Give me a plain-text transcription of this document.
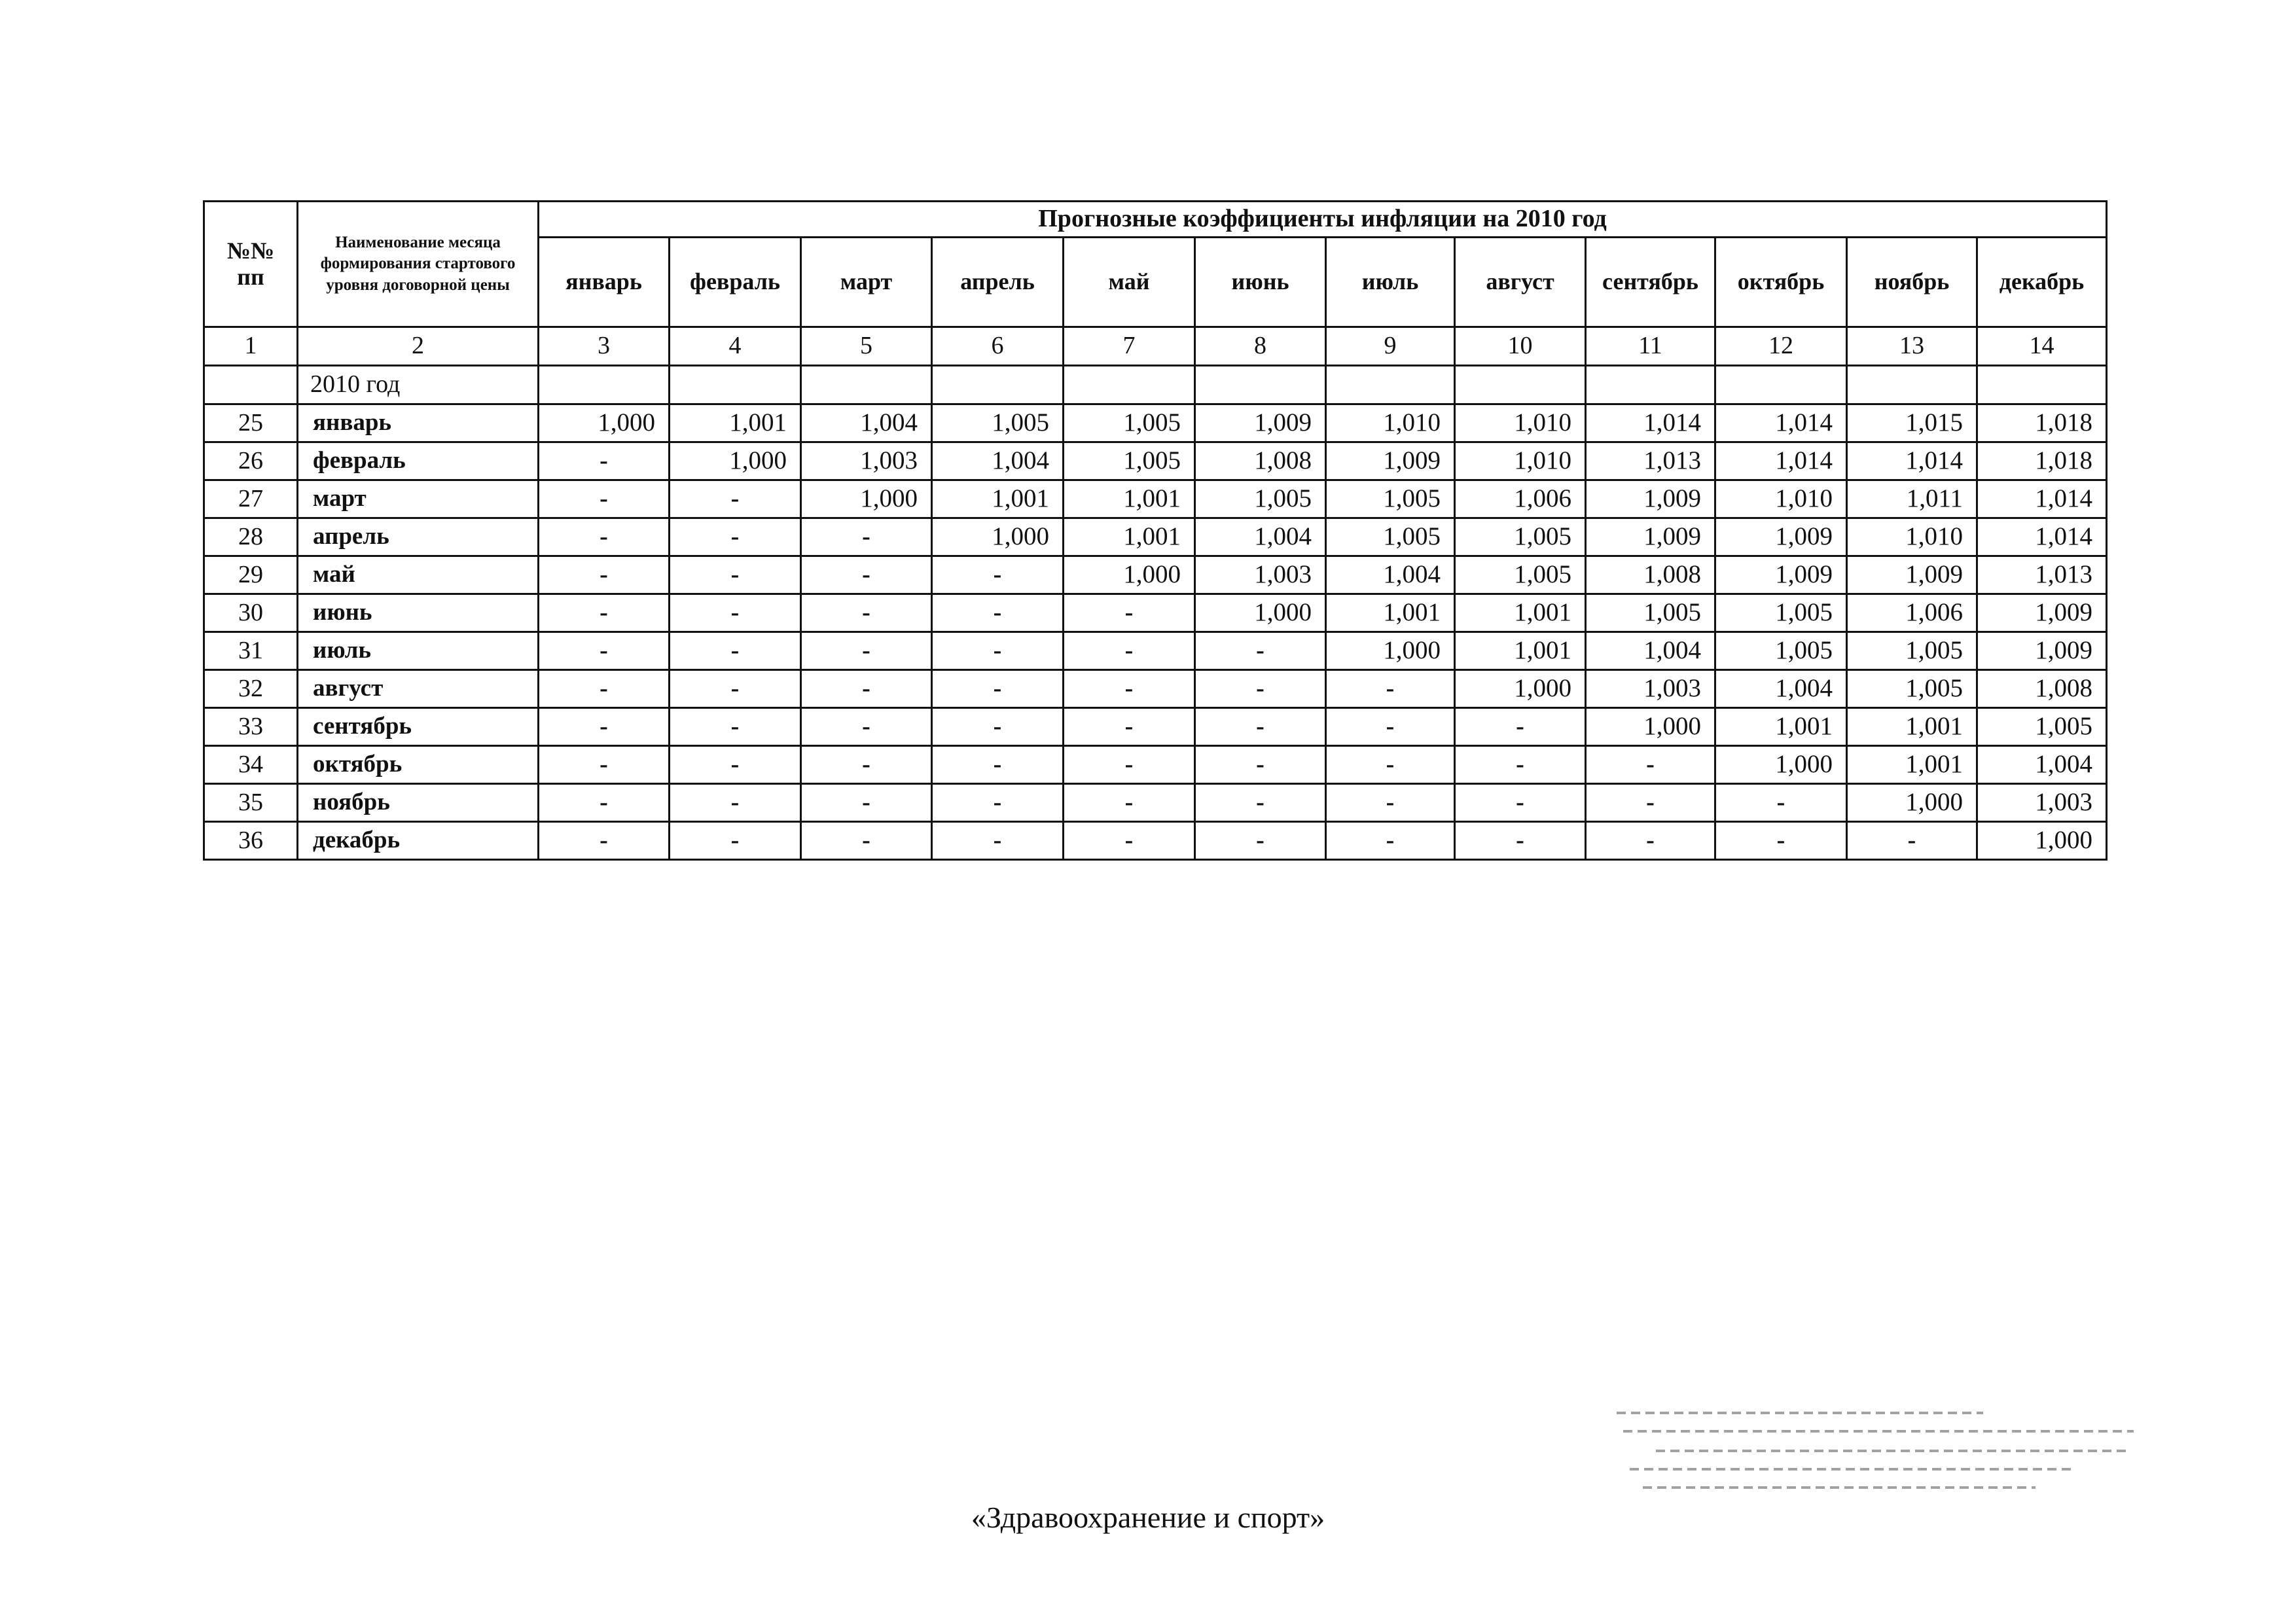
№№
пп	Наименование месяца формирования стартового уровня договорной цены	Прогнозные коэффициенты инфляции на 2010 год											
		январь	февраль	март	апрель	май	июнь	июль	август	сентябрь	октябрь	ноябрь	декабрь
1	2	3	4	5	6	7	8	9	10	11	12	13	14
	2010 год												
25	январь	1,000	1,001	1,004	1,005	1,005	1,009	1,010	1,010	1,014	1,014	1,015	1,018
26	февраль	-	1,000	1,003	1,004	1,005	1,008	1,009	1,010	1,013	1,014	1,014	1,018
27	март	-	-	1,000	1,001	1,001	1,005	1,005	1,006	1,009	1,010	1,011	1,014
28	апрель	-	-	-	1,000	1,001	1,004	1,005	1,005	1,009	1,009	1,010	1,014
29	май	-	-	-	-	1,000	1,003	1,004	1,005	1,008	1,009	1,009	1,013
30	июнь	-	-	-	-	-	1,000	1,001	1,001	1,005	1,005	1,006	1,009
31	июль	-	-	-	-	-	-	1,000	1,001	1,004	1,005	1,005	1,009
32	август	-	-	-	-	-	-	-	1,000	1,003	1,004	1,005	1,008
33	сентябрь	-	-	-	-	-	-	-	-	1,000	1,001	1,001	1,005
34	октябрь	-	-	-	-	-	-	-	-	-	1,000	1,001	1,004
35	ноябрь	-	-	-	-	-	-	-	-	-	-	1,000	1,003
36	декабрь	-	-	-	-	-	-	-	-	-	-	-	1,000
«Здравоохранение и спорт»
